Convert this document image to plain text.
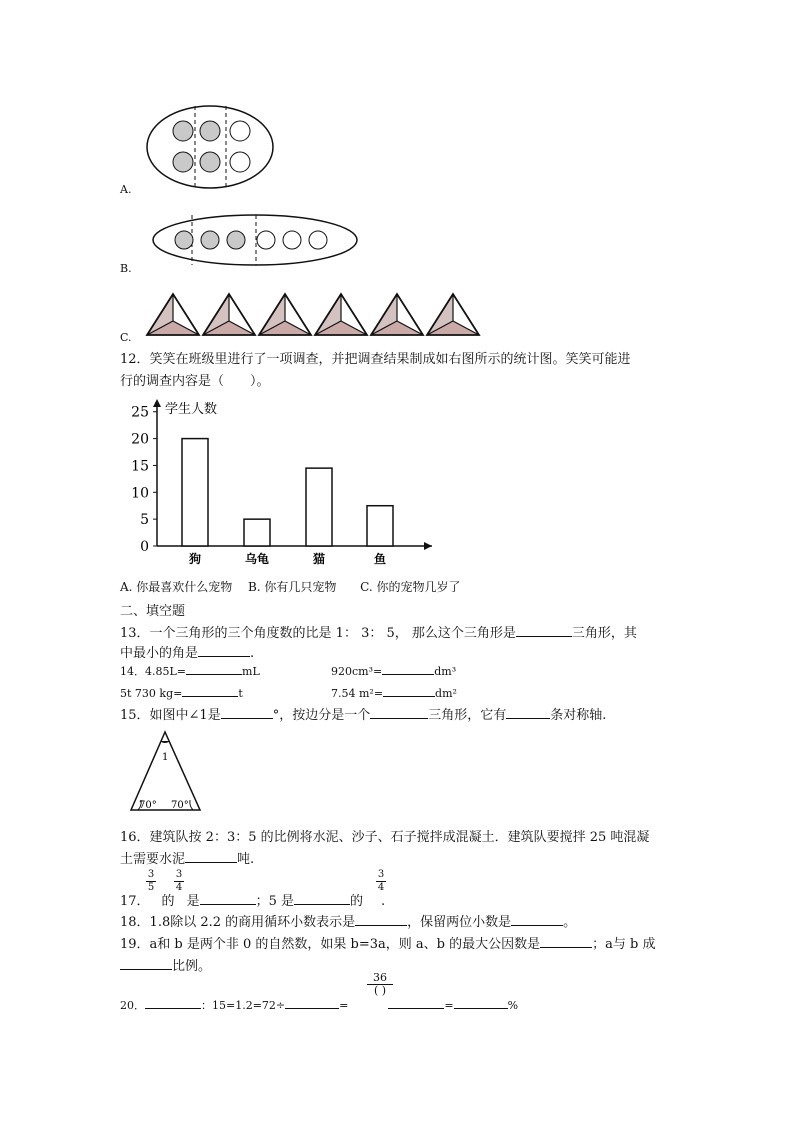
A.
B.
C.
12．笑笑在班级里进行了一项调查，并把调查结果制成如右图所示的统计图。笑笑可能进
行的调查内容是（　　）。
学生人数
0
5
10
15
20
25
狗	乌龟	猫	鱼
A. 你最喜欢什么宠物 B. 你有几只宠物 C. 你的宠物几岁了
二、填空题
13．一个三角形的三个角度数的比是 1： 3： 5， 那么这个三角形是	三角形，其
中最小的角是	.
14．4.85L=	mL	920cm³=	dm³
5t 730 kg=	t	7.54 m²=	dm²
15．如图中∠1是	°，按边分是一个	三角形，它有	条对称轴.
1
70° 70°
16．建筑队按 2：3：5 的比例将水泥、沙子、石子搅拌成混凝土．建筑队要搅拌 25 吨混凝
土需要水泥	吨.
$\frac{3}{5} \frac{3}{4}$	$\frac{3}{4}$
17． 的 是	；5 是	的 .
18．1.8除以 2.2 的商用循环小数表示是	，保留两位小数是	。
19．a和 b 是两个非 0 的自然数，如果 b=3a，则 a、b 的最大公因数是	；a与 b 成
比例。
36
( )
20．	：15=1.2=72÷	=	=	%
